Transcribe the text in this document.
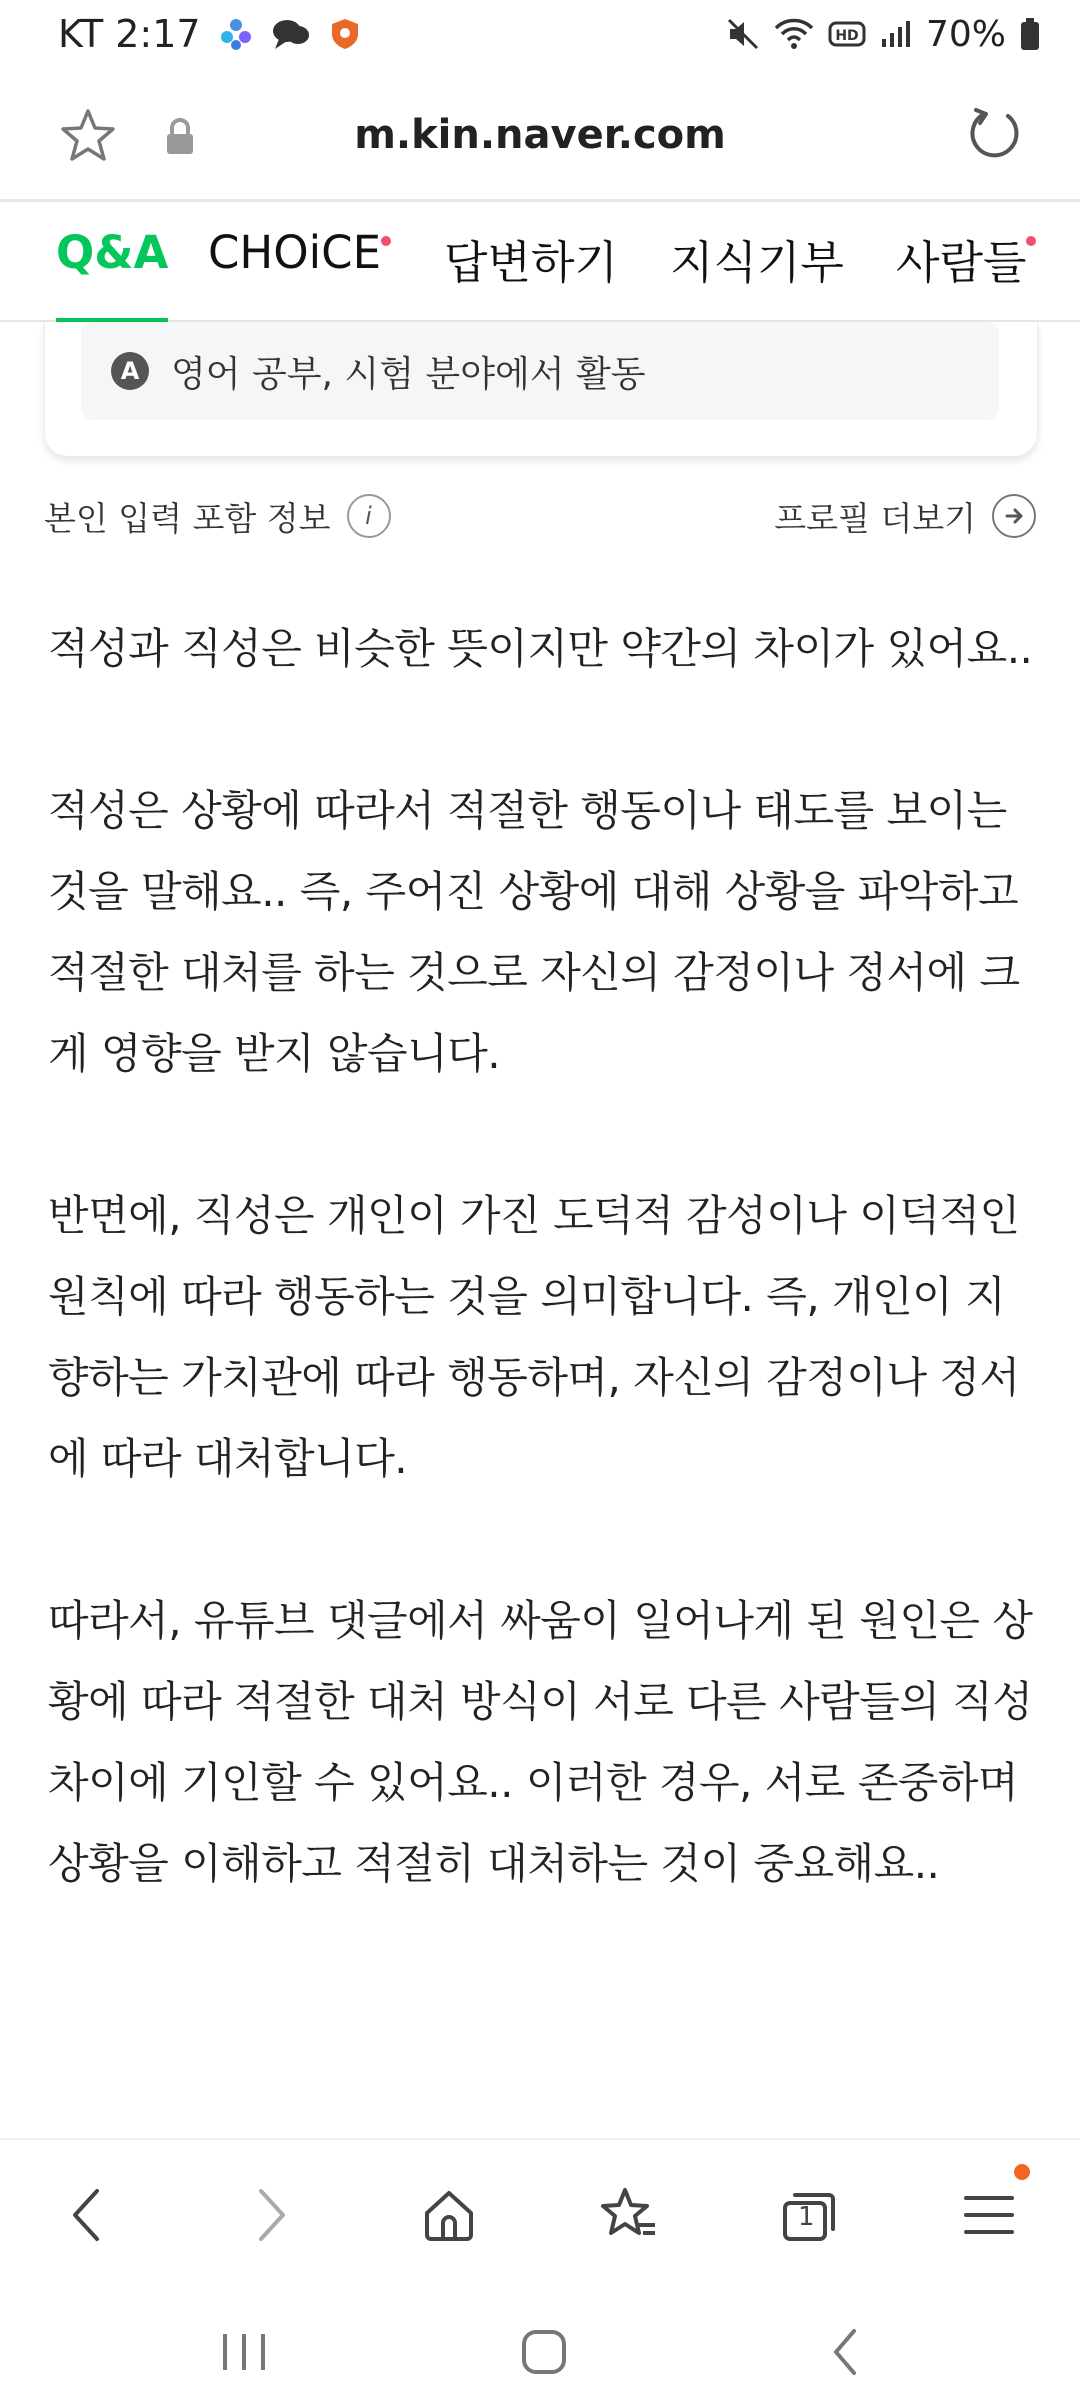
KT 2:17	HD 70%
m.kin.naver.com
Q&A CHOiCE 답변하기 지식기부 사람들
A 영어 공부, 시험 분야에서 활동
본인 입력 포함 정보	i	프로필 더보기

적성과 직성은 비슷한 뜻이지만 약간의 차이가 있어요..

적성은 상황에 따라서 적절한 행동이나 태도를 보이는 것을 말해요.. 즉, 주어진 상황에 대해 상황을 파악하고 적절한 대처를 하는 것으로 자신의 감정이나 정서에 크게 영향을 받지 않습니다.

반면에, 직성은 개인이 가진 도덕적 감성이나 이덕적인 원칙에 따라 행동하는 것을 의미합니다. 즉, 개인이 지향하는 가치관에 따라 행동하며, 자신의 감정이나 정서에 따라 대처합니다.

따라서, 유튜브 댓글에서 싸움이 일어나게 된 원인은 상황에 따라 적절한 대처 방식이 서로 다른 사람들의 직성 차이에 기인할 수 있어요.. 이러한 경우, 서로 존중하며 상황을 이해하고 적절히 대처하는 것이 중요해요..

1
